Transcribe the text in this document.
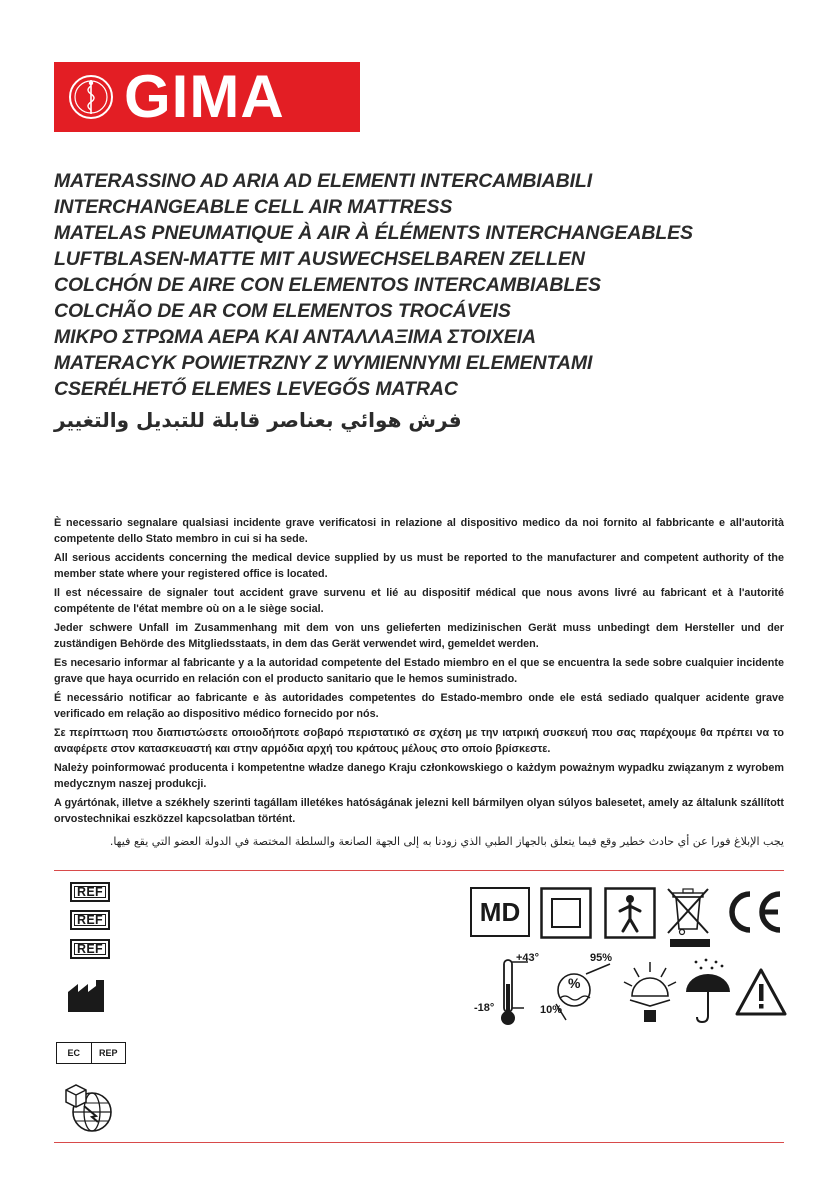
GIMA
MATERASSINO AD ARIA AD ELEMENTI INTERCAMBIABILI
INTERCHANGEABLE CELL AIR MATTRESS
MATELAS PNEUMATIQUE À AIR À ÉLÉMENTS INTERCHANGEABLES
LUFTBLASEN-MATTE MIT AUSWECHSELBAREN ZELLEN
COLCHÓN DE AIRE CON ELEMENTOS INTERCAMBIABLES
COLCHÃO DE AR COM ELEMENTOS TROCÁVEIS
ΜΙΚΡΟ ΣΤΡΩΜΑ ΑΕΡΑ ΚΑΙ ΑΝΤΑΛΛΑΞΙΜΑ ΣΤΟΙΧΕΙΑ
MATERACYK POWIETRZNY Z WYMIENNYMI ELEMENTAMI
CSERÉLHETŐ ELEMES LEVEGŐS MATRAC
فرش هوائي بعناصر قابلة للتبديل والتغيير

È necessario segnalare qualsiasi incidente grave verificatosi in relazione al dispositivo medico da noi fornito al fabbricante e all'autorità competente dello Stato membro in cui si ha sede.

All serious accidents concerning the medical device supplied by us must be reported to the manufacturer and competent authority of the member state where your registered office is located.

Il est nécessaire de signaler tout accident grave survenu et lié au dispositif médical que nous avons livré au fabricant et à l'autorité compétente de l'état membre où on a le siège social.

Jeder schwere Unfall im Zusammenhang mit dem von uns gelieferten medizinischen Gerät muss unbedingt dem Hersteller und der zuständigen Behörde des Mitgliedsstaats, in dem das Gerät verwendet wird, gemeldet werden.

Es necesario informar al fabricante y a la autoridad competente del Estado miembro en el que se encuentra la sede sobre cualquier incidente grave que haya ocurrido en relación con el producto sanitario que le hemos suministrado.

É necessário notificar ao fabricante e às autoridades competentes do Estado-membro onde ele está sediado qualquer acidente grave verificado em relação ao dispositivo médico fornecido por nós.

Σε περίπτωση που διαπιστώσετε οποιοδήποτε σοβαρό περιστατικό σε σχέση με την ιατρική συσκευή που σας παρέχουμε θα πρέπει να το αναφέρετε στον κατασκευαστή και στην αρμόδια αρχή του κράτους μέλους στο οποίο βρίσκεστε.

Należy poinformować producenta i kompetentne władze danego Kraju członkowskiego o każdym poważnym wypadku związanym z wyrobem medycznym naszej produkcji.

A gyártónak, illetve a székhely szerinti tagállam illetékes hatóságának jelezni kell bármilyen olyan súlyos balesetet, amely az általunk szállított orvostechnikai eszközzel kapcsolatban történt.

يجب الإبلاغ فورا عن أي حادث خطير وقع فيما يتعلق بالجهاز الطبي الذي زودنا به إلى الجهة الصانعة والسلطة المختصة في الدولة العضو التي يقع فيها.

REF
REF
REF
EC	REP
MD
+43°
-18°
%
95%
10%
